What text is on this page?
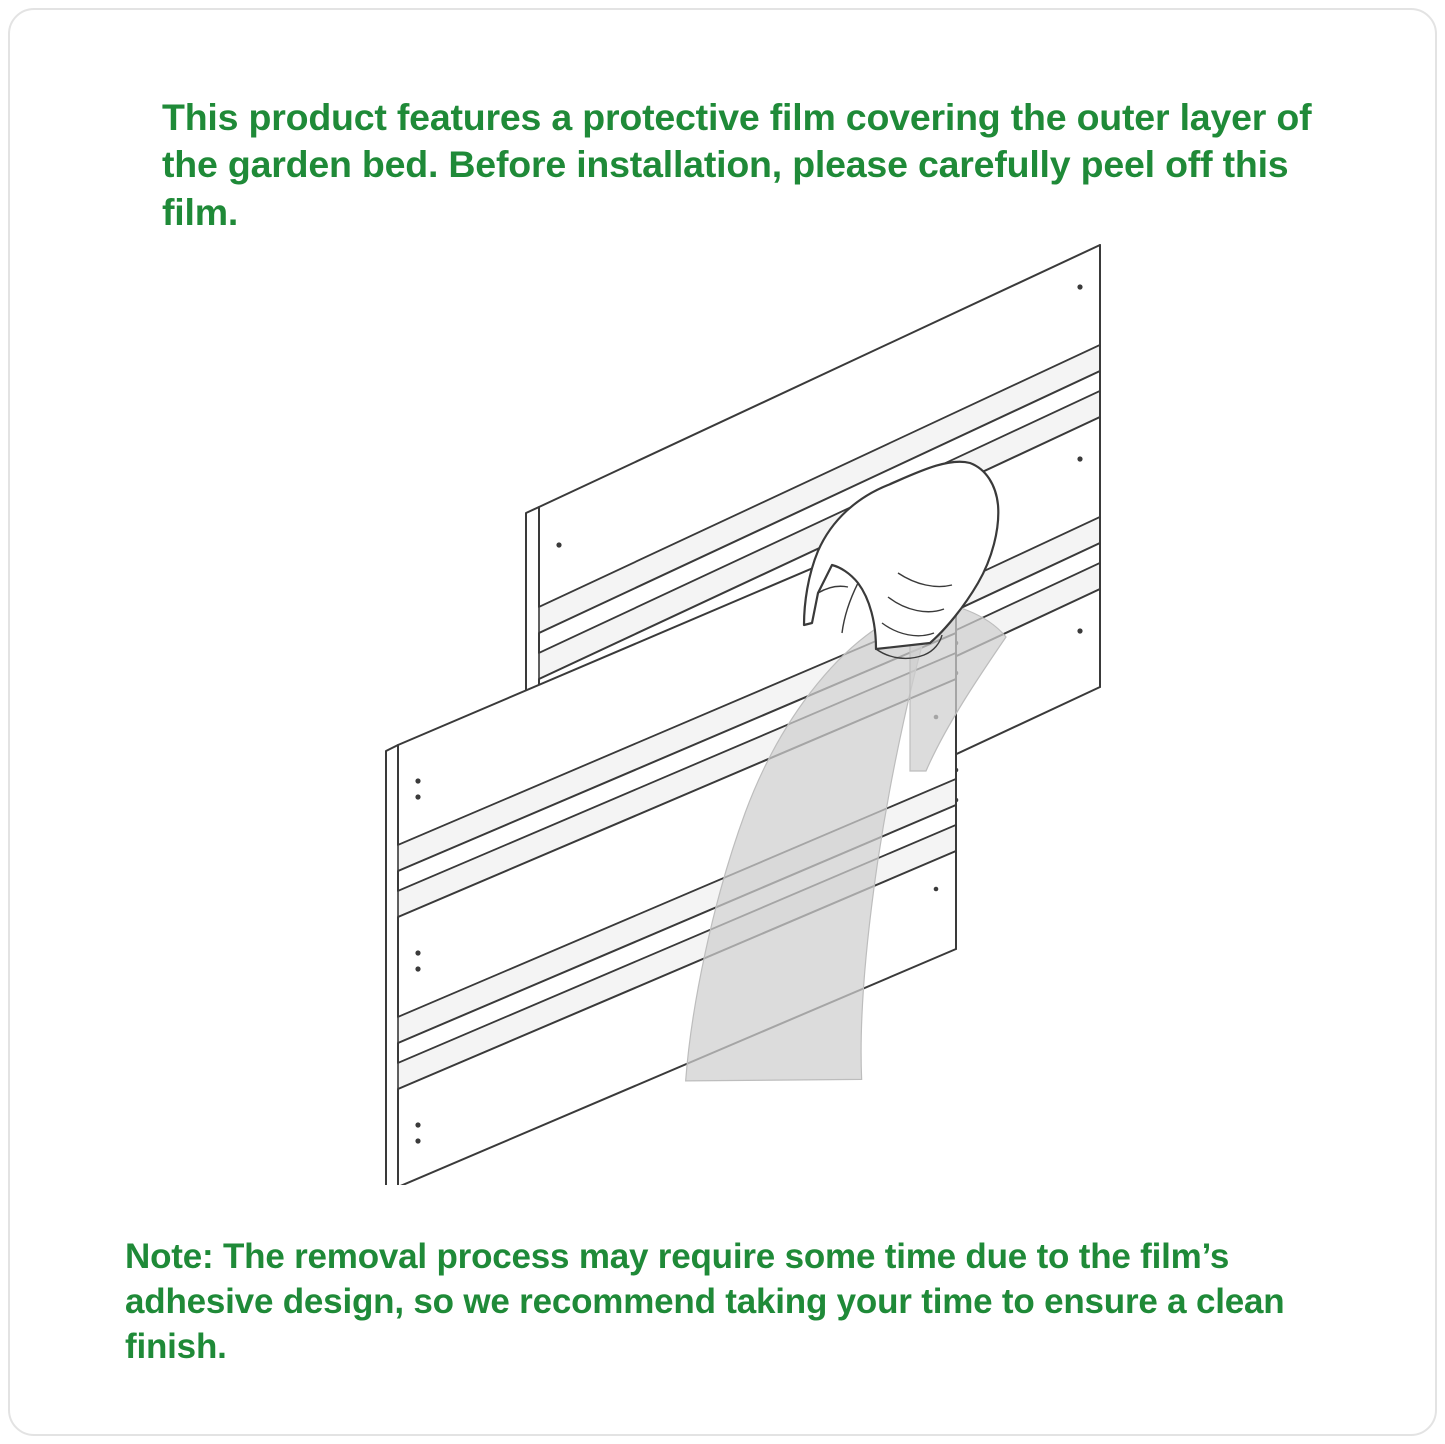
This product features a protective film covering the outer layer of the garden bed. Before installation, please carefully peel off this film.
Note: The removal process may require some time due to the film’s adhesive design, so we recommend taking your time to ensure a clean finish.
